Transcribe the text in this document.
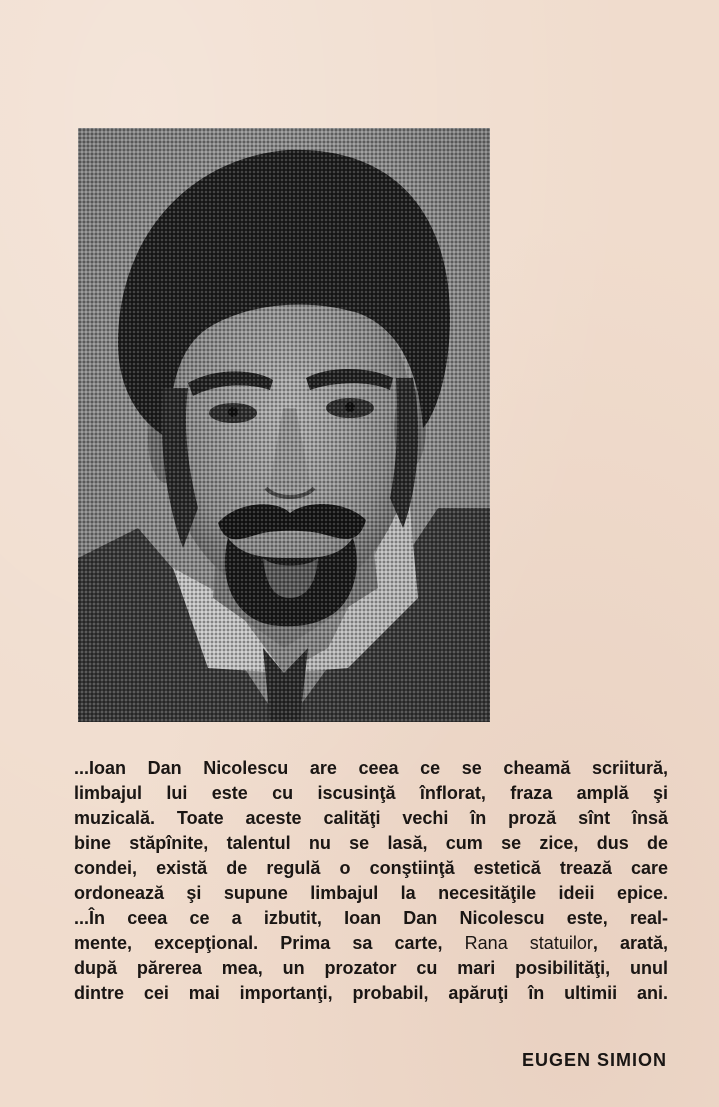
...Ioan Dan Nicolescu are ceea ce se cheamă scriitură,
limbajul lui este cu iscusinţă înflorat, fraza amplă şi
muzicală. Toate aceste calităţi vechi în proză sînt însă
bine stăpînite, talentul nu se lasă, cum se zice, dus de
condei, există de regulă o conştiinţă estetică trează care
ordonează şi supune limbajul la necesităţile ideii epice.
...În ceea ce a izbutit, Ioan Dan Nicolescu este, real-
mente, excepţional. Prima sa carte, Rana statuilor, arată,
după părerea mea, un prozator cu mari posibilităţi, unul
dintre cei mai importanţi, probabil, apăruţi în ultimii ani.

EUGEN SIMION
